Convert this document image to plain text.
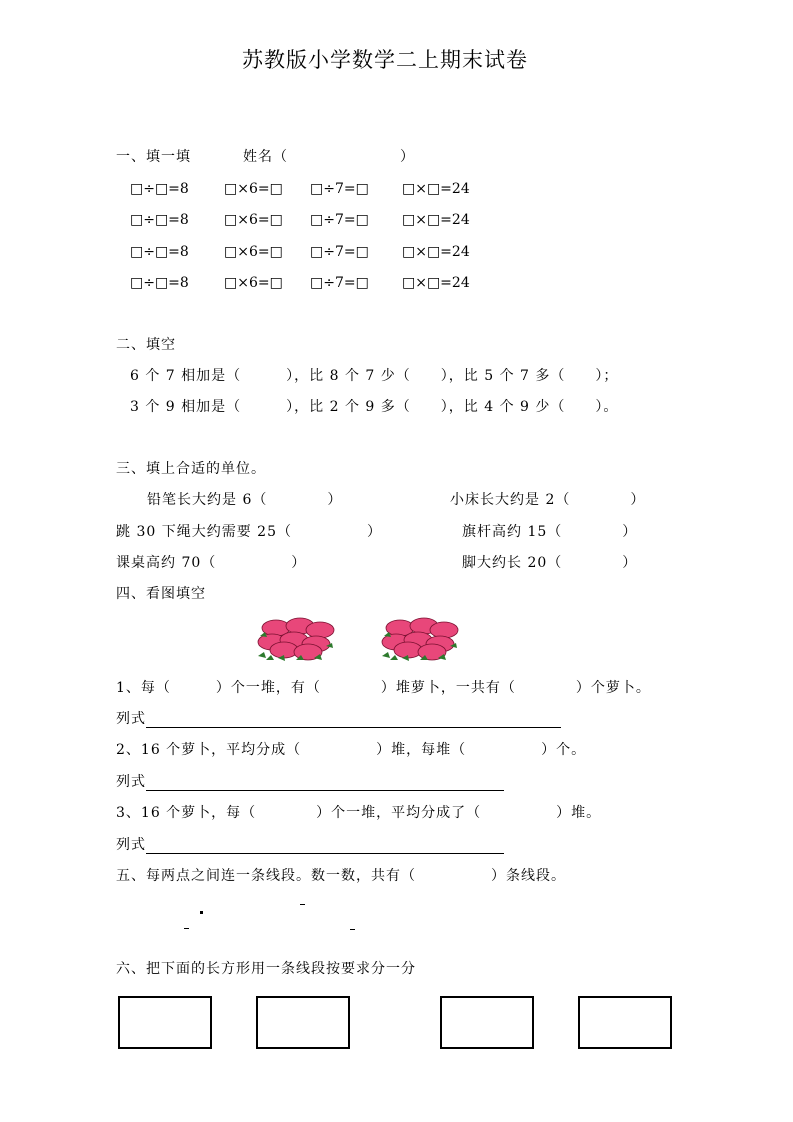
苏教版小学数学二上期末试卷
一、填一填	姓名（	）
□÷□=8	□×6=□ □÷7=□ □×□=24
□÷□=8	□×6=□ □÷7=□ □×□=24
□÷□=8	□×6=□ □÷7=□ □×□=24
□÷□=8	□×6=□ □÷7=□ □×□=24
二、填空
6 个 7 相加是（　　　），比 8 个 7 少（　　），比 5 个 7 多（　　）；
3 个 9 相加是（　　　），比 2 个 9 多（　　），比 4 个 9 少（　　）。
三、填上合适的单位。
铅笔长大约是 6（　　　　）	小床长大约是 2（　　　　）
跳 30 下绳大约需要 25（　　　　　）	旗杆高约 15（　　　　）
课桌高约 70（　　　　　）	脚大约长 20（　　　　）
四、看图填空
1、每（　　　）个一堆，有（　　　　）堆萝卜，一共有（　　　　）个萝卜。
列式
2、16 个萝卜，平均分成（　　　　　）堆，每堆（　　　　　）个。
列式
3、16 个萝卜，每（　　　　）个一堆，平均分成了（　　　　　）堆。
列式
五、每两点之间连一条线段。数一数，共有（　　　　　）条线段。
六、把下面的长方形用一条线段按要求分一分
